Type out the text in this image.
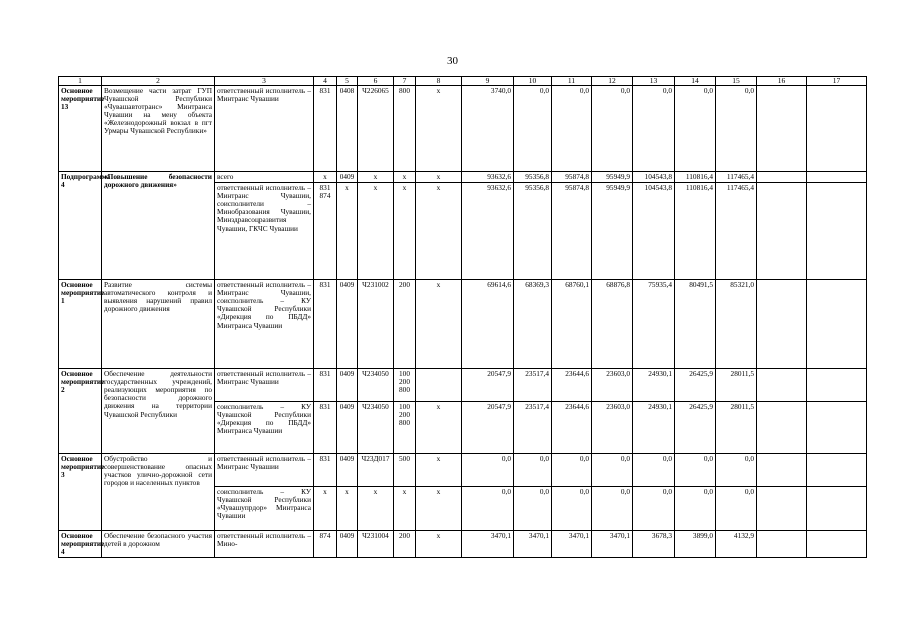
30
1	2	3	4	5	6	7	8	9	10	11	12	13	14	15	16	17
Основное мероприятие 13	Возмещение части затрат ГУП Чувашской Республики «Чувашавтотранс» Минтранса Чувашии на мену объекта «Железнодорожный вокзал в пгт Урмары Чувашской Республики»	ответственный исполнитель – Минтранс Чувашии	831	0408	Ч226065	800	x	3740,0	0,0	0,0	0,0	0,0	0,0	0,0		
Подпрограмма 4	«Повышение безопасности дорожного движения»	всего	x	0409	x	x	x	93632,6	95356,8	95874,8	95949,9	104543,8	110816,4	117465,4		
		ответственный исполнитель – Минтранс Чувашии, соисполнители – Минобразования Чувашии, Минздравсоцразвития Чувашии, ГКЧС Чувашии	831 874	x	x	x	x	93632,6	95356,8	95874,8	95949,9	104543,8	110816,4	117465,4		
Основное мероприятие 1	Развитие системы автоматического контроля и выявления нарушений правил дорожного движения	ответственный исполнитель – Минтранс Чувашии, соисполнитель – КУ Чувашской Республики «Дирекция по ПБДД» Минтранса Чувашии	831	0409	Ч231002	200	x	69614,6	68369,3	68760,1	68876,8	75935,4	80491,5	85321,0		
Основное мероприятие 2	Обеспечение деятельности государственных учреждений, реализующих мероприятия по безопасности дорожного движения на территории Чувашской Республики	ответственный исполнитель – Минтранс Чувашии	831	0409	Ч234050	100 200 800		20547,9	23517,4	23644,6	23603,0	24930,1	26425,9	28011,5		
		соисполнитель – КУ Чувашской Республики «Дирекция по ПБДД» Минтранса Чувашии	831	0409	Ч234050	100 200 800	x	20547,9	23517,4	23644,6	23603,0	24930,1	26425,9	28011,5		
Основное мероприятие 3	Обустройство и совершенствование опасных участков улично-дорожной сети городов и населенных пунктов	ответственный исполнитель – Минтранс Чувашии	831	0409	Ч23Д017	500	x	0,0	0,0	0,0	0,0	0,0	0,0	0,0		
		соисполнитель – КУ Чувашской Республики «Чувашупрдор» Минтранса Чувашии	x	x	x	x	x	0,0	0,0	0,0	0,0	0,0	0,0	0,0		
Основное мероприятие 4	Обеспечение безопасного участия детей в дорожном	ответственный исполнитель – Мино-	874	0409	Ч231004	200	x	3470,1	3470,1	3470,1	3470,1	3678,3	3899,0	4132,9		
